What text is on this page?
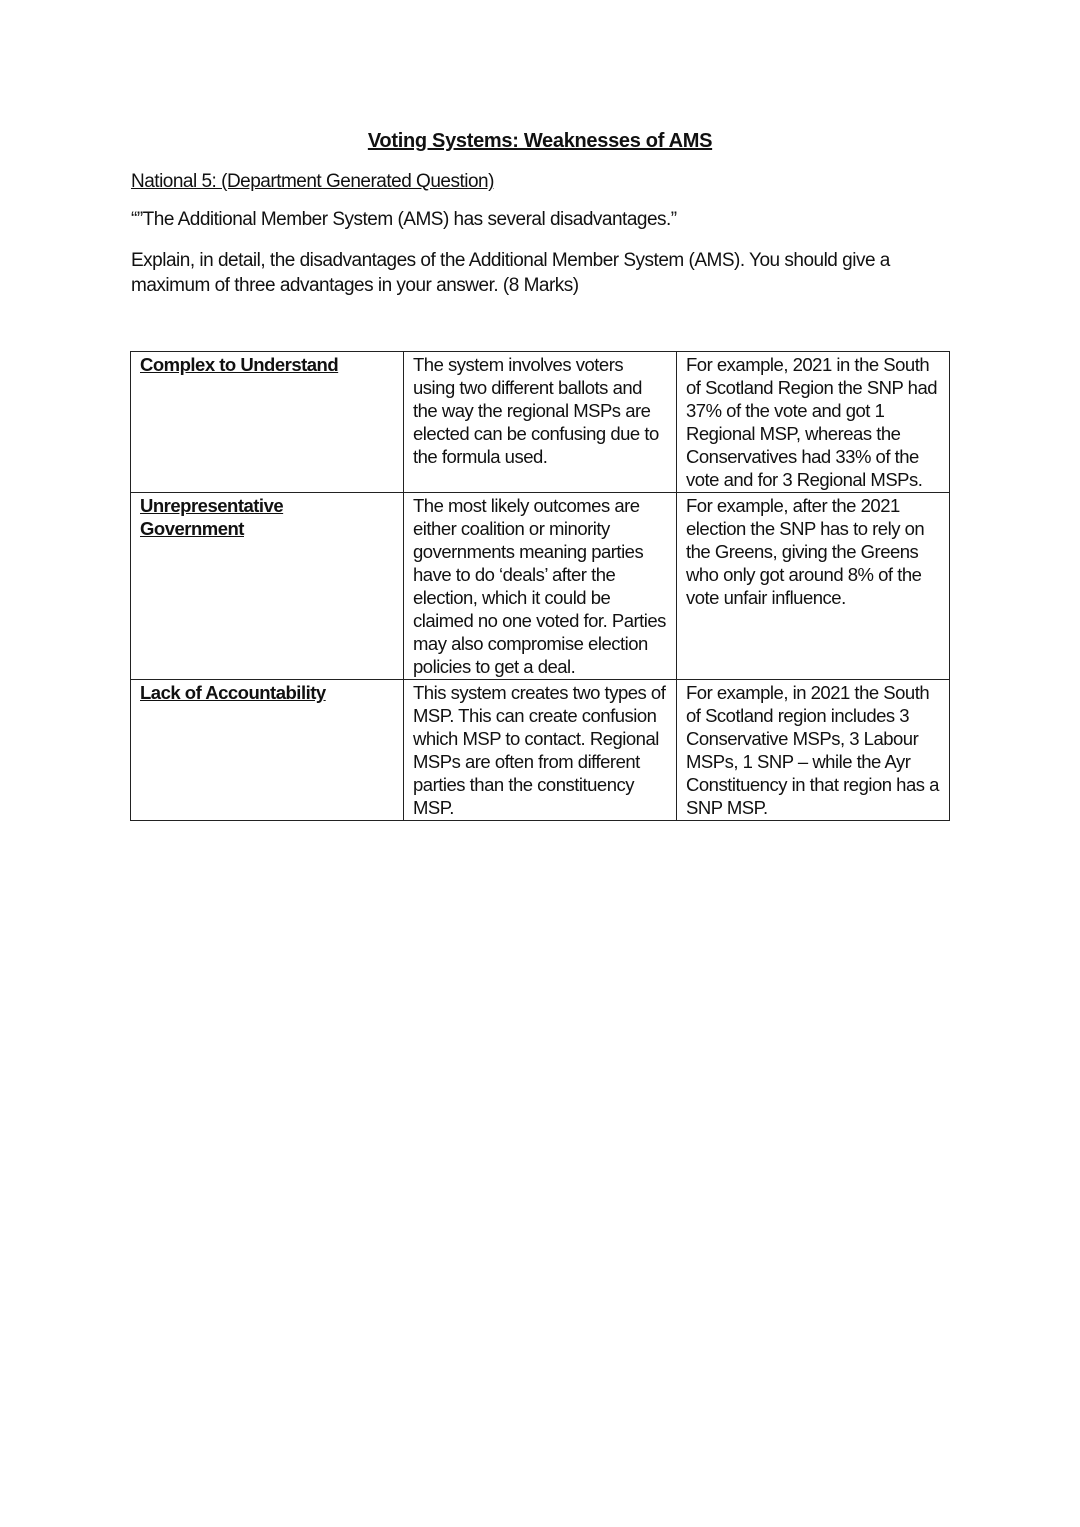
Voting Systems: Weaknesses of AMS
National 5: (Department Generated Question)
“”The Additional Member System (AMS) has several disadvantages.”
Explain, in detail, the disadvantages of the Additional Member System (AMS). You should give a maximum of three advantages in your answer. (8 Marks)
Complex to Understand	The system involves voters using two different ballots and the way the regional MSPs are elected can be confusing due to the formula used.	For example, 2021 in the South of Scotland Region the SNP had 37% of the vote and got 1 Regional MSP, whereas the Conservatives had 33% of the vote and for 3 Regional MSPs.

Unrepresentative Government	The most likely outcomes are either coalition or minority governments meaning parties have to do ‘deals’ after the election, which it could be claimed no one voted for. Parties may also compromise election policies to get a deal.	For example, after the 2021 election the SNP has to rely on the Greens, giving the Greens who only got around 8% of the vote unfair influence.

Lack of Accountability	This system creates two types of MSP. This can create confusion which MSP to contact. Regional MSPs are often from different parties than the constituency MSP.	For example, in 2021 the South of Scotland region includes 3 Conservative MSPs, 3 Labour MSPs, 1 SNP – while the Ayr Constituency in that region has a SNP MSP.
